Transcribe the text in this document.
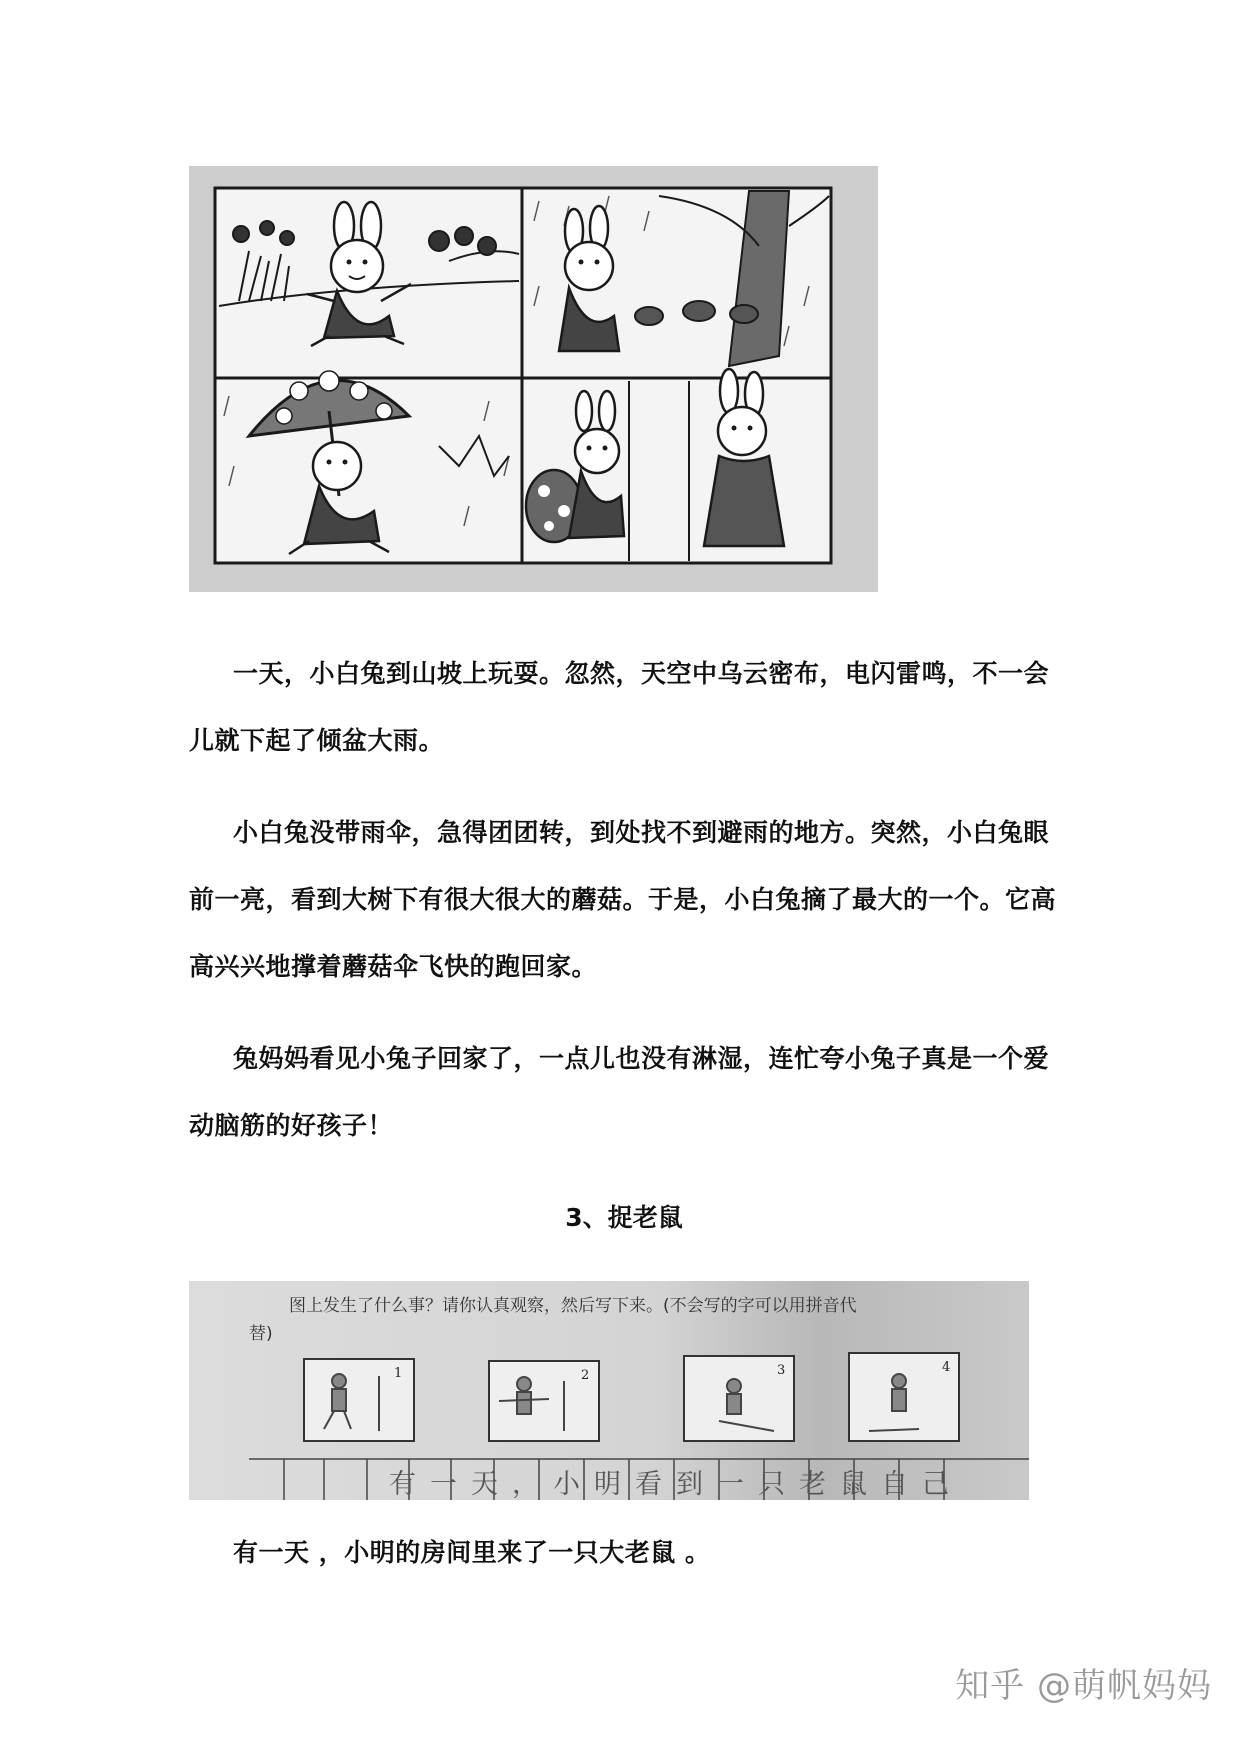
一天，小白兔到山坡上玩耍。忽然，天空中乌云密布，电闪雷鸣，不一会儿就下起了倾盆大雨。

小白兔没带雨伞，急得团团转，到处找不到避雨的地方。突然，小白兔眼前一亮，看到大树下有很大很大的蘑菇。于是，小白兔摘了最大的一个。它高高兴兴地撑着蘑菇伞飞快的跑回家。

兔妈妈看见小兔子回家了，一点儿也没有淋湿，连忙夸小兔子真是一个爱动脑筋的好孩子！

3、捉老鼠
图上发生了什么事？请你认真观察，然后写下来。(不会写的字可以用拼音代
替)
1	2	3	4
有一天，小明看到一只老鼠自己

有一天 ，小明的房间里来了一只大老鼠 。

知乎 @萌帆妈妈
